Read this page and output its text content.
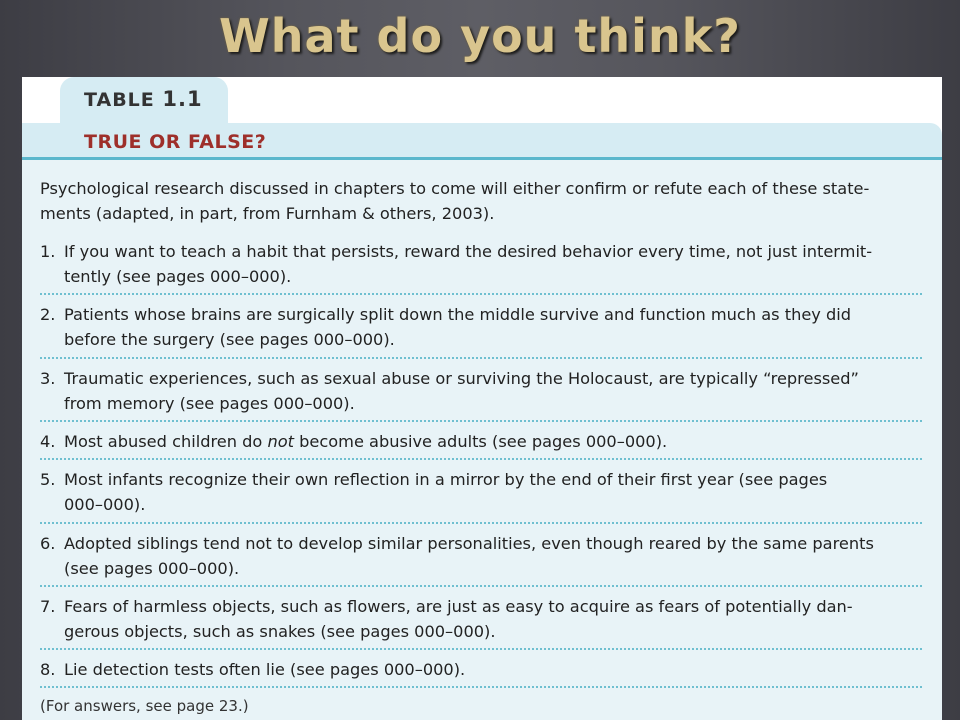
What do you think?
TABLE 1.1
TRUE OR FALSE?
Psychological research discussed in chapters to come will either confirm or refute each of these state-
ments (adapted, in part, from Furnham & others, 2003).
1. If you want to teach a habit that persists, reward the desired behavior every time, not just intermit-
tently (see pages 000–000).
2. Patients whose brains are surgically split down the middle survive and function much as they did
before the surgery (see pages 000–000).
3. Traumatic experiences, such as sexual abuse or surviving the Holocaust, are typically “repressed”
from memory (see pages 000–000).
4. Most abused children do not become abusive adults (see pages 000–000).
5. Most infants recognize their own reflection in a mirror by the end of their first year (see pages
000–000).
6. Adopted siblings tend not to develop similar personalities, even though reared by the same parents
(see pages 000–000).
7. Fears of harmless objects, such as flowers, are just as easy to acquire as fears of potentially dan-
gerous objects, such as snakes (see pages 000–000).
8. Lie detection tests often lie (see pages 000–000).
(For answers, see page 23.)
